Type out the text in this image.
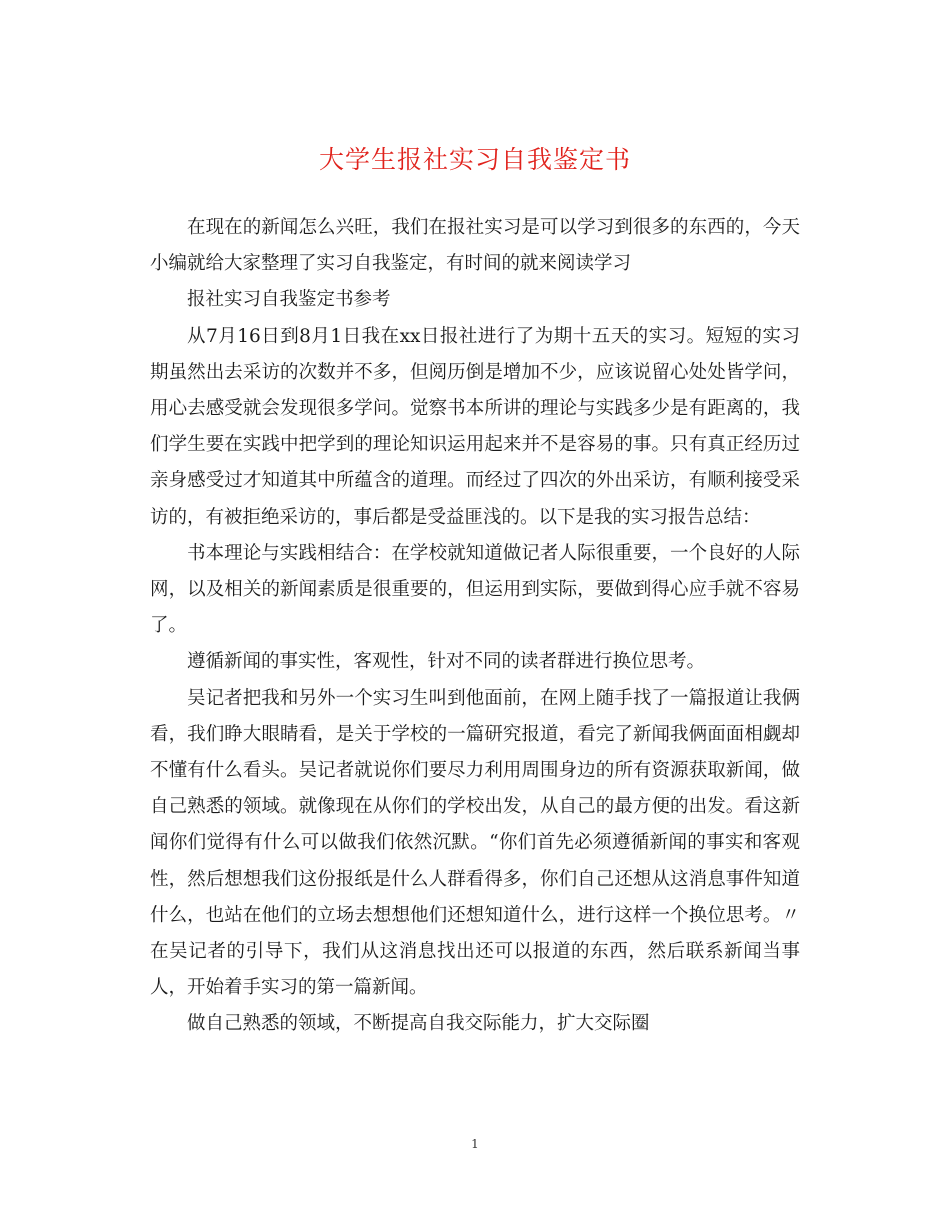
大学生报社实习自我鉴定书

在现在的新闻怎么兴旺，我们在报社实习是可以学习到很多的东西的，今天小编就给大家整理了实习自我鉴定，有时间的就来阅读学习

报社实习自我鉴定书参考

从7月16日到8月1日我在xx日报社进行了为期十五天的实习。短短的实习期虽然出去采访的次数并不多，但阅历倒是增加不少，应该说留心处处皆学问，用心去感受就会发现很多学问。觉察书本所讲的理论与实践多少是有距离的，我们学生要在实践中把学到的理论知识运用起来并不是容易的事。只有真正经历过亲身感受过才知道其中所蕴含的道理。而经过了四次的外出采访，有顺利接受采访的，有被拒绝采访的，事后都是受益匪浅的。以下是我的实习报告总结：

书本理论与实践相结合：在学校就知道做记者人际很重要，一个良好的人际网，以及相关的新闻素质是很重要的，但运用到实际，要做到得心应手就不容易了。

遵循新闻的事实性，客观性，针对不同的读者群进行换位思考。

吴记者把我和另外一个实习生叫到他面前，在网上随手找了一篇报道让我俩看，我们睁大眼睛看，是关于学校的一篇研究报道，看完了新闻我俩面面相觑却不懂有什么看头。吴记者就说你们要尽力利用周围身边的所有资源获取新闻，做自己熟悉的领域。就像现在从你们的学校出发，从自己的最方便的出发。看这新闻你们觉得有什么可以做我们依然沉默。“你们首先必须遵循新闻的事实和客观性，然后想想我们这份报纸是什么人群看得多，你们自己还想从这消息事件知道什么，也站在他们的立场去想想他们还想知道什么，进行这样一个换位思考。〃在吴记者的引导下，我们从这消息找出还可以报道的东西，然后联系新闻当事人，开始着手实习的第一篇新闻。

做自己熟悉的领域，不断提高自我交际能力，扩大交际圈

1
